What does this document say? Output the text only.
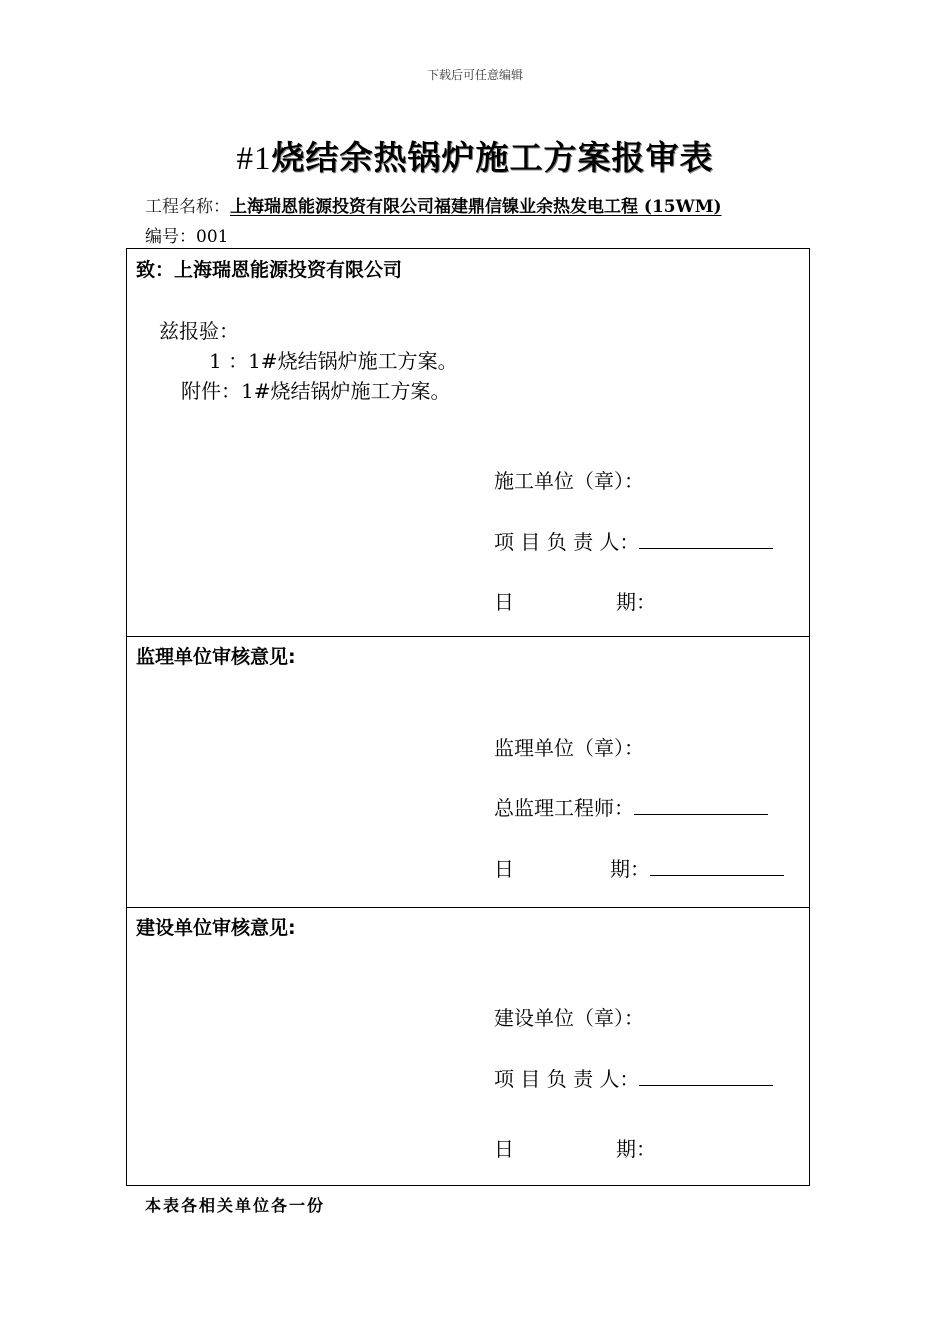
下载后可任意编辑
#1烧结余热锅炉施工方案报审表
工程名称：上海瑞恩能源投资有限公司福建鼎信镍业余热发电工程 (15WM)
编号：001
致：上海瑞恩能源投资有限公司
兹报验：
1 ：1#烧结锅炉施工方案。
附件：1#烧结锅炉施工方案。
施工单位（章）：
项 目 负 责 人：
日	期：
监理单位审核意见:
监理单位（章）：
总监理工程师：
日	期：
建设单位审核意见:
建设单位（章）：
项 目 负 责 人：
日	期：
本表各相关单位各一份
